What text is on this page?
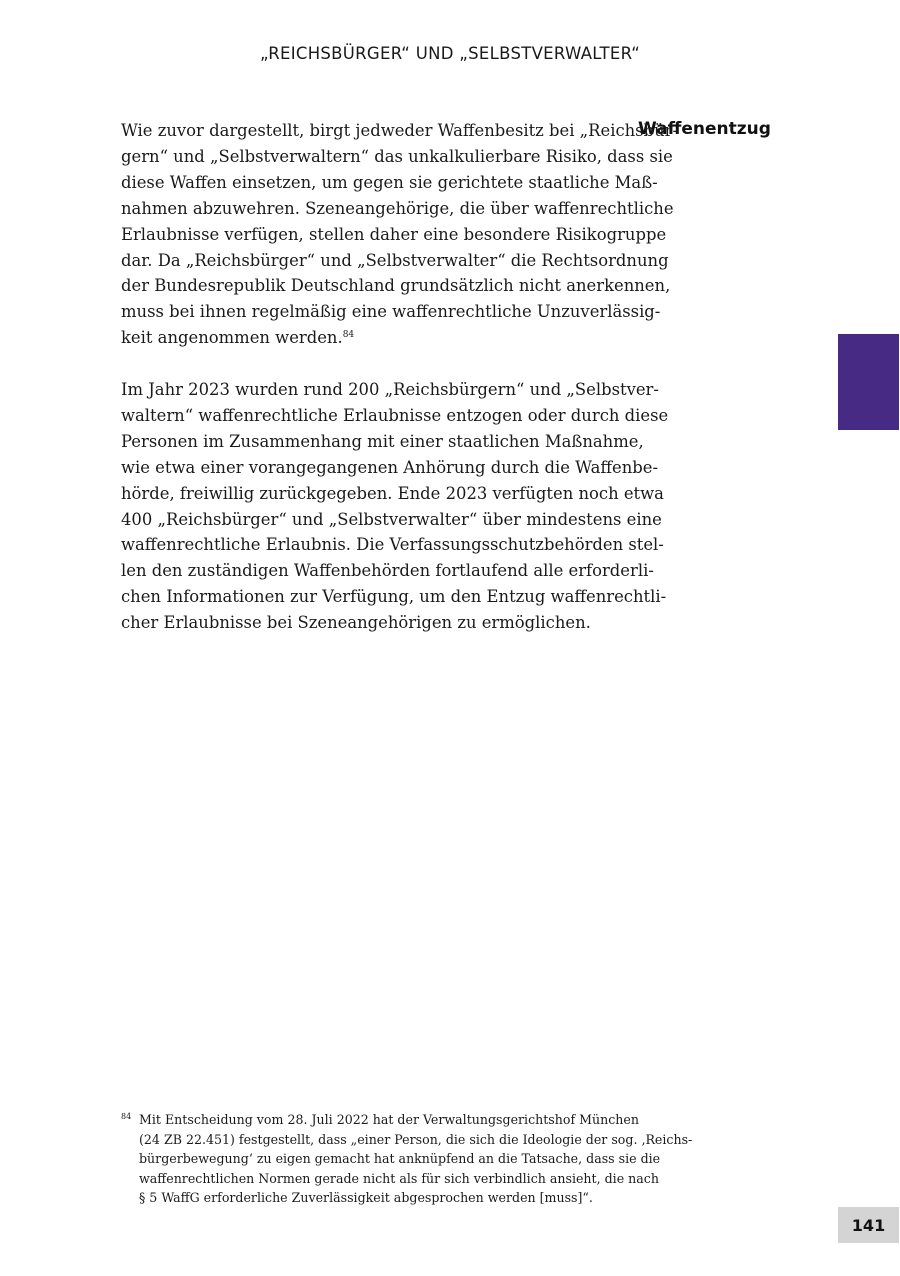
„REICHSBÜRGER“ UND „SELBSTVERWALTER“
Waffenentzug
Wie zuvor dargestellt, birgt jedweder Waffenbesitz bei „Reichsbür-
gern“ und „Selbstverwaltern“ das unkalkulierbare Risiko, dass sie
diese Waffen einsetzen, um gegen sie gerichtete staatliche Maß-
nahmen abzuwehren. Szeneangehörige, die über waffenrechtliche
Erlaubnisse verfügen, stellen daher eine besondere Risikogruppe
dar. Da „Reichsbürger“ und „Selbstverwalter“ die Rechtsordnung
der Bundesrepublik Deutschland grundsätzlich nicht anerkennen,
muss bei ihnen regelmäßig eine waffenrechtliche Unzuverlässig-
keit angenommen werden.$^{84}$
Im Jahr 2023 wurden rund 200 „Reichsbürgern“ und „Selbstver-
waltern“ waffenrechtliche Erlaubnisse entzogen oder durch diese
Personen im Zusammenhang mit einer staatlichen Maßnahme,
wie etwa einer vorangegangenen Anhörung durch die Waffenbe-
hörde, freiwillig zurückgegeben. Ende 2023 verfügten noch etwa
400 „Reichsbürger“ und „Selbstverwalter“ über mindestens eine
waffenrechtliche Erlaubnis. Die Verfassungsschutzbehörden stel-
len den zuständigen Waffenbehörden fortlaufend alle erforderli-
chen Informationen zur Verfügung, um den Entzug waffenrechtli-
cher Erlaubnisse bei Szeneangehörigen zu ermöglichen.
84 Mit Entscheidung vom 28. Juli 2022 hat der Verwaltungsgerichtshof München
(24 ZB 22.451) festgestellt, dass „einer Person, die sich die Ideologie der sog. ‚Reichs-
bürgerbewegung‘ zu eigen gemacht hat anknüpfend an die Tatsache, dass sie die
waffenrechtlichen Normen gerade nicht als für sich verbindlich ansieht, die nach
§ 5 WaffG erforderliche Zuverlässigkeit abgesprochen werden [muss]“.
141
